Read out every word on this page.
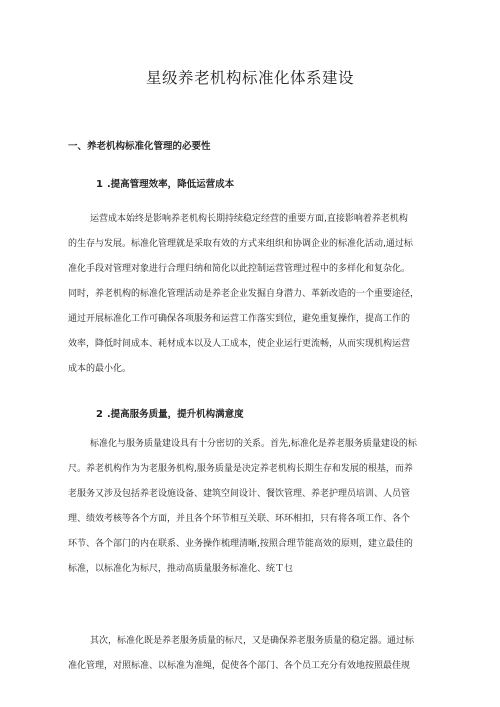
星级养老机构标准化体系建设
一、养老机构标准化管理的必要性
1 .提高管理效率，降低运营成本
运营成本始终是影响养老机构长期持续稳定经营的重要方面,直接影响着养老机构
的生存与发展。标准化管理就是采取有效的方式来组织和协调企业的标准化活动,通过标
准化手段对管理对象进行合理归纳和简化以此控制运营管理过程中的多样化和复杂化。
同时，养老机构的标准化管理活动是养老企业发掘自身潜力、革新改造的一个重要途径，
通过开展标准化工作可确保各项服务和运营工作落实到位，避免重复操作，提高工作的
效率，降低时间成本、耗材成本以及人工成本，使企业运行更流畅，从而实现机构运营
成本的最小化。
2 .提高服务质量，提升机构满意度
标准化与服务质量建设具有十分密切的关系。首先,标准化是养老服务质量建设的标
尺。养老机构作为为老服务机构,服务质量是决定养老机构长期生存和发展的根基，而养
老服务又涉及包括养老设施设备、建筑空间设计、餐饮管理、养老护理员培训、人员管
理、绩效考核等各个方面，并且各个环节相互关联、环环相扣，只有将各项工作、各个
环节、各个部门的内在联系、业务操作梳理清晰,按照合理节能高效的原则，建立最佳的
标准，以标准化为标尺，推动高质量服务标准化、统Ｔ乜
其次，标准化既是养老服务质量的标尺，又是确保养老服务质量的稳定器。通过标
准化管理，对照标准、以标准为准绳，促使各个部门、各个员工充分有效地按照最佳规
